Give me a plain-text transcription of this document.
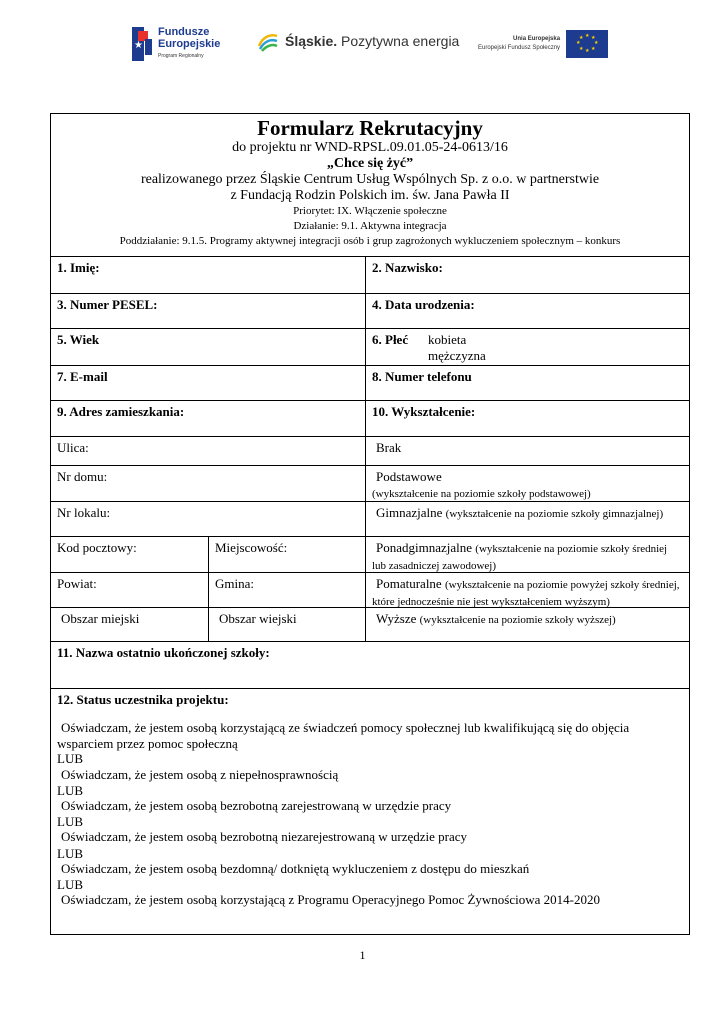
★
Fundusze
Europejskie
Program Regionalny
Śląskie. Pozytywna energia	Unia Europejska
Europejski Fundusz Społeczny
★ ★
★
★
★
★
★
★
Formularz Rekrutacyjny
do projektu nr WND-RPSL.09.01.05-24-0613/16
„Chce się żyć”
realizowanego przez Śląskie Centrum Usług Wspólnych Sp. z o.o. w partnerstwie
z Fundacją Rodzin Polskich im. św. Jana Pawła II
Priorytet: IX. Włączenie społeczne
Działanie: 9.1. Aktywna integracja
Poddziałanie: 9.1.5. Programy aktywnej integracji osób i grup zagrożonych wykluczeniem społecznym – konkurs
1. Imię:	2. Nazwisko:
3. Numer PESEL:	4. Data urodzenia:
5. Wiek	6. Płeć	kobieta
mężczyzna
7. E-mail	8. Numer telefonu
9. Adres zamieszkania:	10. Wykształcenie:
Ulica:	Brak
Nr domu:	Podstawowe
(wykształcenie na poziomie szkoły podstawowej)
Nr lokalu:	Gimnazjalne (wykształcenie na poziomie szkoły gimnazjalnej)
Kod pocztowy:	Miejscowość:	Ponadgimnazjalne (wykształcenie na poziomie szkoły średniej lub zasadniczej zawodowej)
Powiat:	Gmina:	Pomaturalne (wykształcenie na poziomie powyżej szkoły średniej, które jednocześnie nie jest wykształceniem wyższym)
Obszar miejski	Obszar wiejski	Wyższe (wykształcenie na poziomie szkoły wyższej)
11. Nazwa ostatnio ukończonej szkoły:
12. Status uczestnika projektu:
Oświadczam, że jestem osobą korzystającą ze świadczeń pomocy społecznej lub kwalifikującą się do objęcia wsparciem przez pomoc społeczną
LUB
Oświadczam, że jestem osobą z niepełnosprawnością
LUB
Oświadczam, że jestem osobą bezrobotną zarejestrowaną w urzędzie pracy
LUB
Oświadczam, że jestem osobą bezrobotną niezarejestrowaną w urzędzie pracy
LUB
Oświadczam, że jestem osobą bezdomną/ dotkniętą wykluczeniem z dostępu do mieszkań
LUB
Oświadczam, że jestem osobą korzystającą z Programu Operacyjnego Pomoc Żywnościowa 2014-2020
1
